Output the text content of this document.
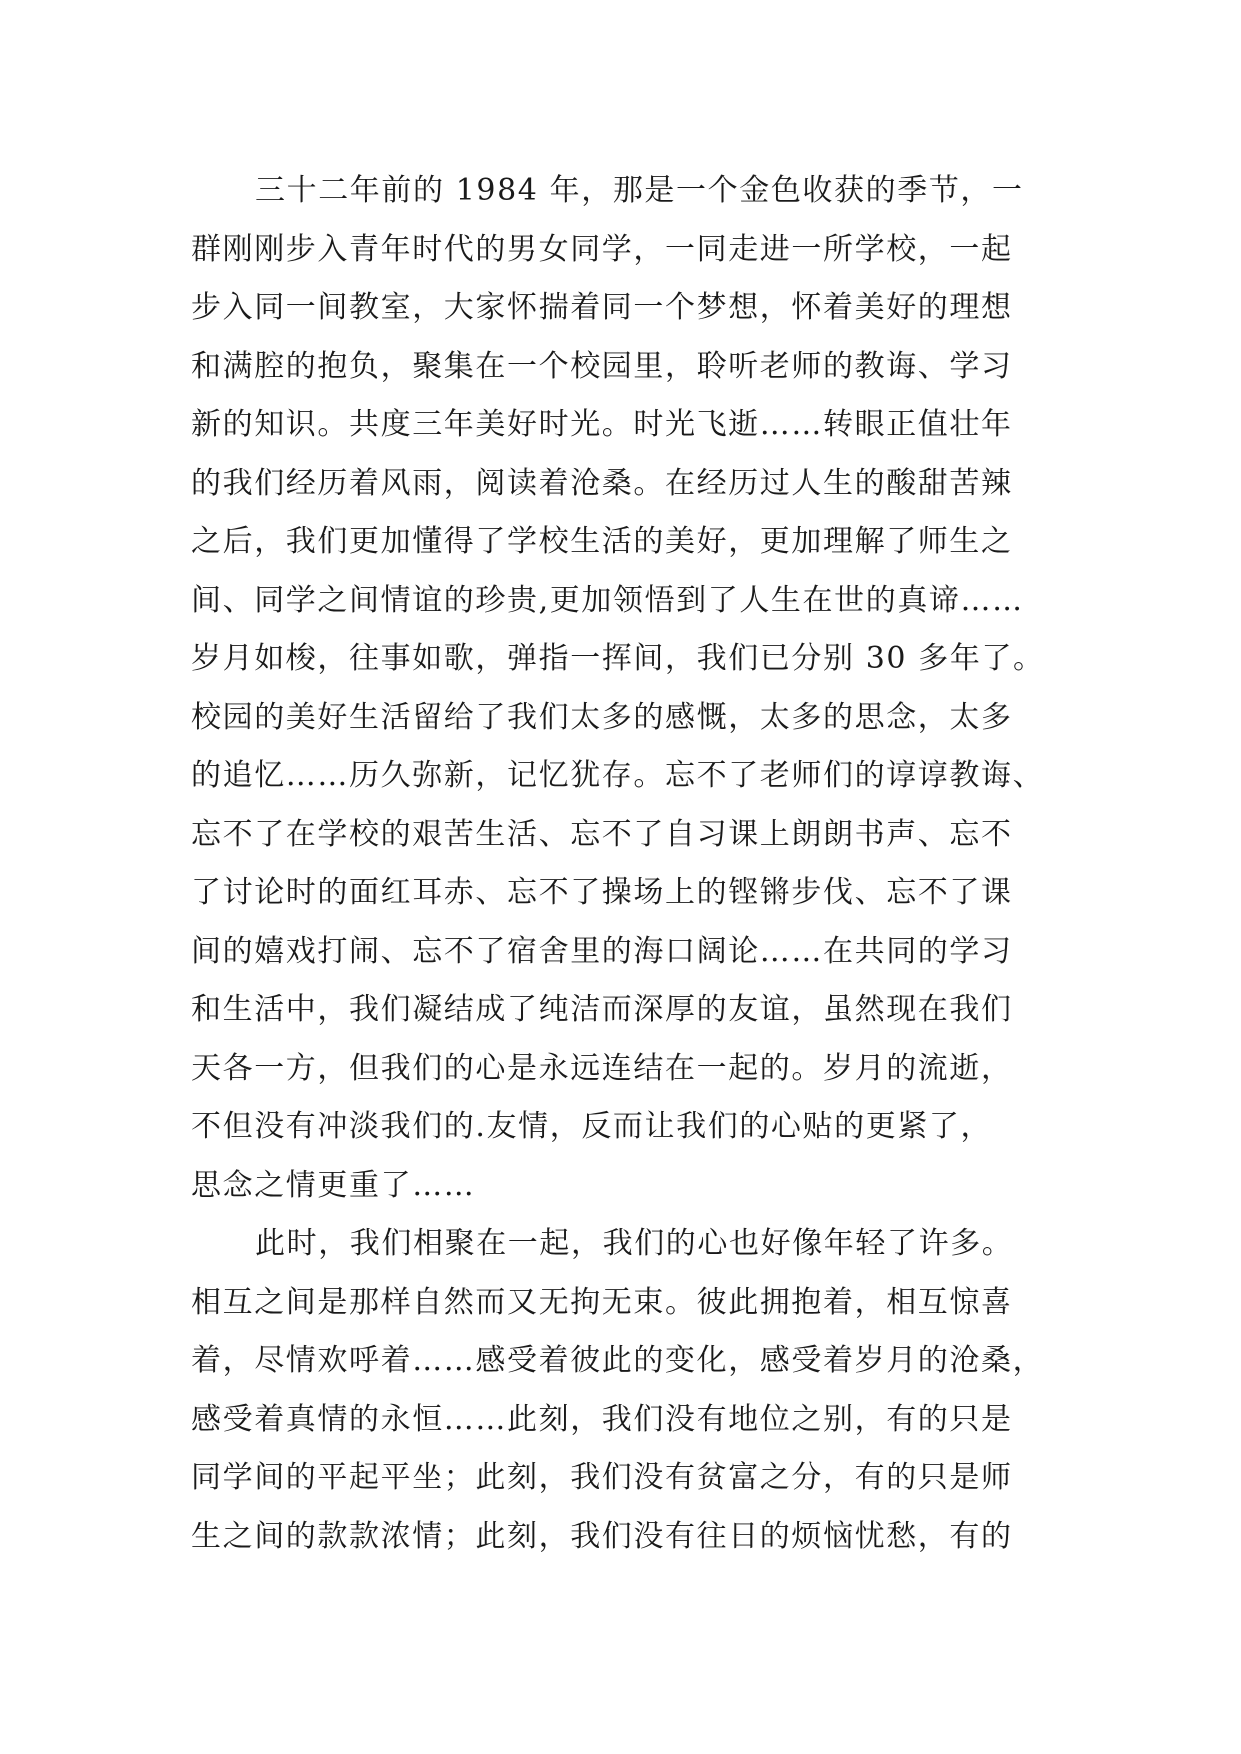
三十二年前的 1984 年，那是一个金色收获的季节，一
群刚刚步入青年时代的男女同学，一同走进一所学校，一起
步入同一间教室，大家怀揣着同一个梦想，怀着美好的理想
和满腔的抱负，聚集在一个校园里，聆听老师的教诲、学习
新的知识。共度三年美好时光。时光飞逝……转眼正值壮年
的我们经历着风雨，阅读着沧桑。在经历过人生的酸甜苦辣
之后，我们更加懂得了学校生活的美好，更加理解了师生之
间、同学之间情谊的珍贵,更加领悟到了人生在世的真谛……
岁月如梭，往事如歌，弹指一挥间，我们已分别 30 多年了。
校园的美好生活留给了我们太多的感慨，太多的思念，太多
的追忆……历久弥新，记忆犹存。忘不了老师们的谆谆教诲、
忘不了在学校的艰苦生活、忘不了自习课上朗朗书声、忘不
了讨论时的面红耳赤、忘不了操场上的铿锵步伐、忘不了课
间的嬉戏打闹、忘不了宿舍里的海口阔论……在共同的学习
和生活中，我们凝结成了纯洁而深厚的友谊，虽然现在我们
天各一方，但我们的心是永远连结在一起的。岁月的流逝，
不但没有冲淡我们的.友情，反而让我们的心贴的更紧了，
思念之情更重了……
此时，我们相聚在一起，我们的心也好像年轻了许多。
相互之间是那样自然而又无拘无束。彼此拥抱着，相互惊喜
着，尽情欢呼着……感受着彼此的变化，感受着岁月的沧桑，
感受着真情的永恒……此刻，我们没有地位之别，有的只是
同学间的平起平坐；此刻，我们没有贫富之分，有的只是师
生之间的款款浓情；此刻，我们没有往日的烦恼忧愁，有的
